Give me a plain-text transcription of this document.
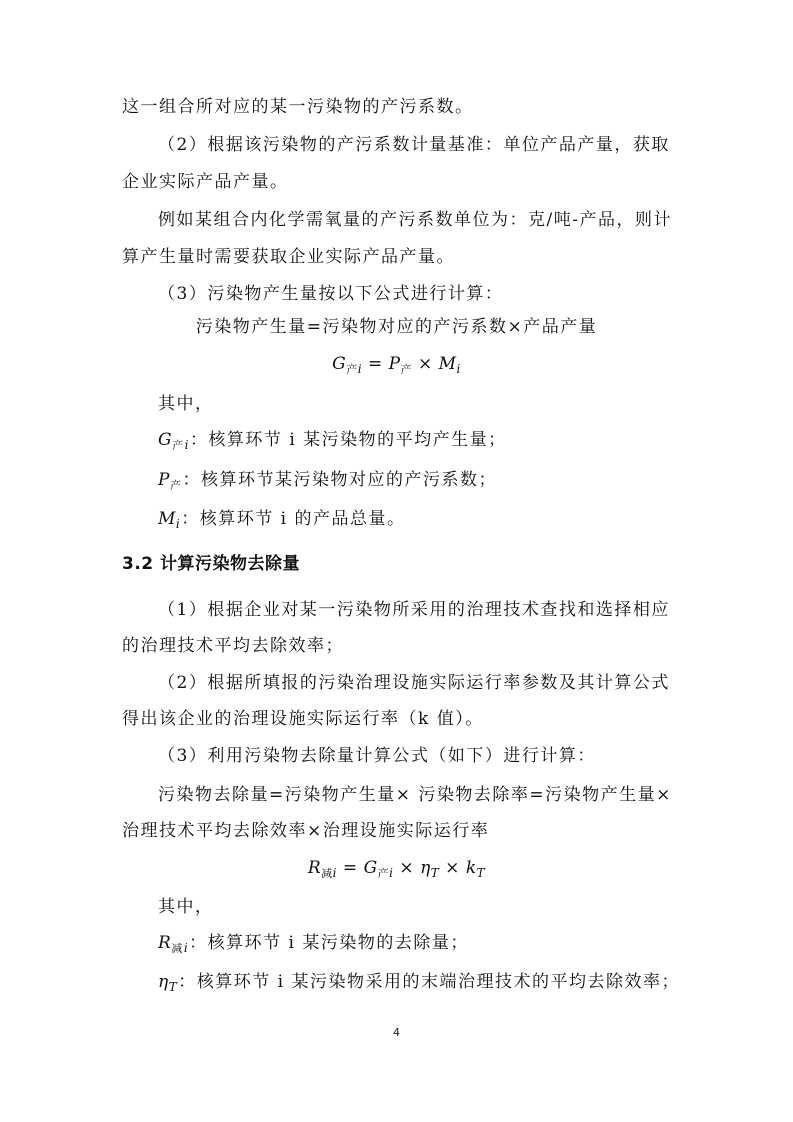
这一组合所对应的某一污染物的产污系数。
（2）根据该污染物的产污系数计量基准：单位产品产量，获取
企业实际产品产量。
例如某组合内化学需氧量的产污系数单位为：克/吨-产品，则计
算产生量时需要获取企业实际产品产量。
（3）污染物产生量按以下公式进行计算：
污染物产生量=污染物对应的产污系数×产品产量
$G_{产i} = P_产 \times M_i$
其中，
$G_{产i}$：核算环节 i 某污染物的平均产生量；
$P_产$：核算环节某污染物对应的产污系数；
$M_i$：核算环节 i 的产品总量。
3.2 计算污染物去除量
（1）根据企业对某一污染物所采用的治理技术查找和选择相应
的治理技术平均去除效率；
（2）根据所填报的污染治理设施实际运行率参数及其计算公式
得出该企业的治理设施实际运行率（k 值）。
（3）利用污染物去除量计算公式（如下）进行计算：
污染物去除量=污染物产生量× 污染物去除率=污染物产生量×
治理技术平均去除效率×治理设施实际运行率
$R_{减i} = G_{产i} \times \eta_T \times k_T$
其中，
$R_{减i}$：核算环节 i 某污染物的去除量；
$\eta_T$：核算环节 i 某污染物采用的末端治理技术的平均去除效率；
4
